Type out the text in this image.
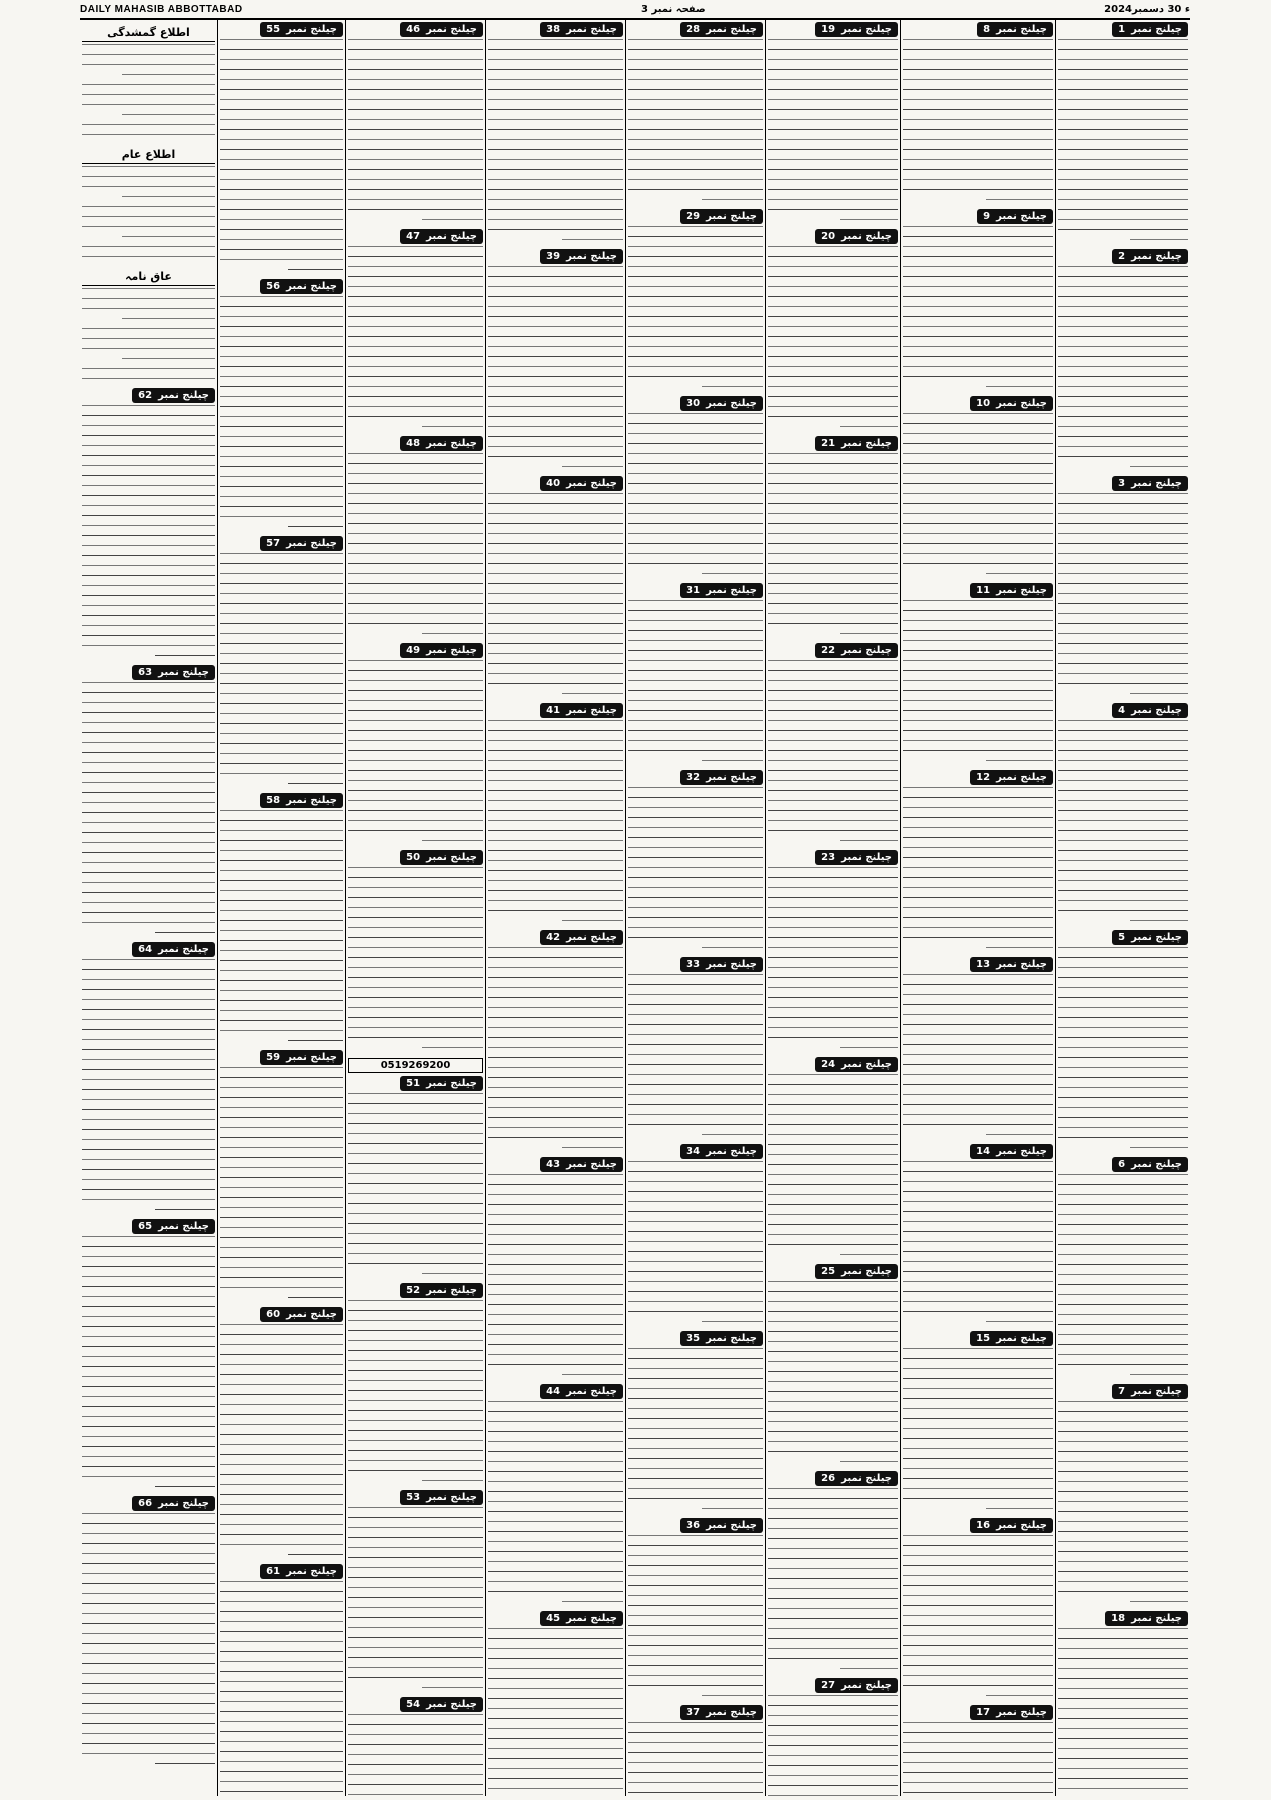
DAILY MAHASIB ABBOTTABAD	صفحہ نمبر 3	2024ء 30 دسمبر
چیلنج نمبر
1
چیلنج نمبر
2
چیلنج نمبر
3
چیلنج نمبر
4
چیلنج نمبر
5
چیلنج نمبر
6
چیلنج نمبر
7
چیلنج نمبر
18
چیلنج نمبر
8
چیلنج نمبر
9
چیلنج نمبر
10
چیلنج نمبر
11
چیلنج نمبر
12
چیلنج نمبر
13
چیلنج نمبر
14
چیلنج نمبر
15
چیلنج نمبر
16
چیلنج نمبر
17
چیلنج نمبر
19
چیلنج نمبر
20
چیلنج نمبر
21
چیلنج نمبر
22
چیلنج نمبر
23
چیلنج نمبر
24
چیلنج نمبر
25
چیلنج نمبر
26
چیلنج نمبر
27
چیلنج نمبر
28
چیلنج نمبر
29
چیلنج نمبر
30
چیلنج نمبر
31
چیلنج نمبر
32
چیلنج نمبر
33
چیلنج نمبر
34
چیلنج نمبر
35
چیلنج نمبر
36
چیلنج نمبر
37
چیلنج نمبر
38
چیلنج نمبر
39
چیلنج نمبر
40
چیلنج نمبر
41
چیلنج نمبر
42
چیلنج نمبر
43
چیلنج نمبر
44
چیلنج نمبر
45
چیلنج نمبر
46
چیلنج نمبر
47
چیلنج نمبر
48
چیلنج نمبر
49
چیلنج نمبر
50
0519269200
چیلنج نمبر
51
چیلنج نمبر
52
چیلنج نمبر
53
چیلنج نمبر
54
چیلنج نمبر
55
چیلنج نمبر
56
چیلنج نمبر
57
چیلنج نمبر
58
چیلنج نمبر
59
چیلنج نمبر
60
چیلنج نمبر
61
اطلاع گمشدگی
اطلاع عام
عاق نامہ
چیلنج نمبر
62
چیلنج نمبر
63
چیلنج نمبر
64
چیلنج نمبر
65
چیلنج نمبر
66
